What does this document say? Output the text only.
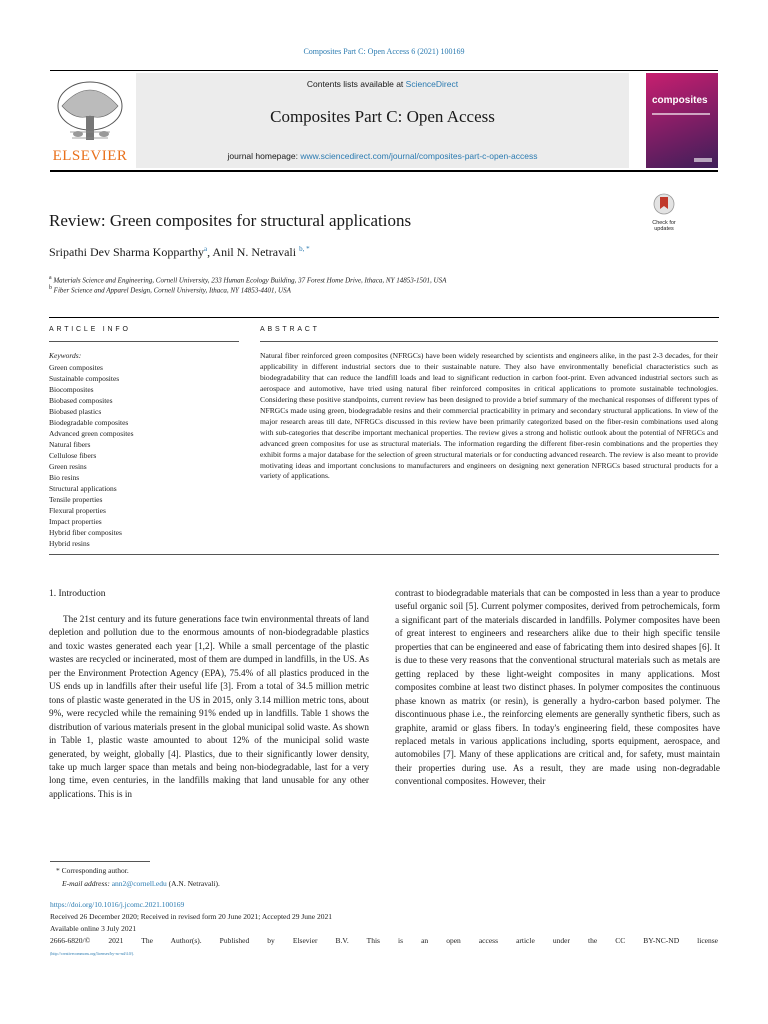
Composites Part C: Open Access 6 (2021) 100169
ELSEVIER
Contents lists available at ScienceDirect
Composites Part C: Open Access
journal homepage: www.sciencedirect.com/journal/composites-part-c-open-access
composites
Check for updates
Review: Green composites for structural applications
Sripathi Dev Sharma Kopparthy$^a$, Anil N. Netravali $^{b, *}$
$^a$ Materials Science and Engineering, Cornell University, 233 Human Ecology Building, 37 Forest Home Drive, Ithaca, NY 14853-1501, USA
$^b$ Fiber Science and Apparel Design, Cornell University, Ithaca, NY 14853-4401, USA
ARTICLE INFO	ABSTRACT
Keywords:
Green composites
Sustainable composites
Biocomposites
Biobased composites
Biobased plastics
Biodegradable composites
Advanced green composites
Natural fibers
Cellulose fibers
Green resins
Bio resins
Structural applications
Tensile properties
Flexural properties
Impact properties
Hybrid fiber composites
Hybrid resins
Natural fiber reinforced green composites (NFRGCs) have been widely researched by scientists and engineers alike, in the past 2-3 decades, for their applicability in different industrial sectors due to their sustainable nature. They also have environmentally beneficial characteristics such as biodegradability that can reduce the landfill loads and lead to significant reduction in carbon foot-print. Even advanced industrial sectors such as aerospace and automotive, have tried using natural fiber reinforced composites in critical applications to promote sustainable technologies. Considering these positive standpoints, current review has been designed to provide a brief summary of the mechanical responses of different types of NFRGCs made using green, biodegradable resins and their commercial practicability in primary and secondary structural applications. In view of the major research areas till date, NFRGCs discussed in this review have been primarily categorized based on the fiber-resin combinations used along with sub-categories that describe important mechanical properties. The review gives a strong and holistic outlook about the potential of NFRGCs and advanced green composites for use as structural materials. The information regarding the different fiber-resin combinations and the properties they exhibit forms a major database for the selection of green structural materials or for conducting advanced research. The review is also meant to provide motivating ideas and important conclusions to manufacturers and engineers on designing next generation NFRGCs based structural products for a variety of applications.
1. Introduction
The 21st century and its future generations face twin environmental threats of land depletion and pollution due to the enormous amounts of non-biodegradable plastics and toxic wastes generated each year [1,2]. While a small percentage of the plastic wastes are recycled or incinerated, most of them are dumped in landfills, in the US. As per the Environment Protection Agency (EPA), 75.4% of all plastics produced in the US ends up in landfills after their useful life [3]. From a total of 34.5 million metric tons of plastic waste generated in the US in 2015, only 3.14 million metric tons, about 9%, were recycled while the remaining 91% ended up in landfills. Table 1 shows the distribution of various materials present in the global municipal solid waste. As shown in Table 1, plastic waste amounted to about 12% of the municipal solid waste generated, by weight, globally [4]. Plastics, due to their significantly lower density, take up much larger space than metals and being non-biodegradable, last for a very long time, even centuries, in the landfills making that land unusable for any other applications. This is in
contrast to biodegradable materials that can be composted in less than a year to produce useful organic soil [5]. Current polymer composites, derived from petrochemicals, form a significant part of the materials discarded in landfills. Polymer composites have been of great interest to engineers and researchers alike due to their high specific tensile properties that can be engineered and ease of fabricating them into desired shapes [6]. It is due to these very reasons that the conventional structural materials such as metals are getting replaced by these light-weight composites in many applications. Most composites combine at least two distinct phases. In polymer composites the continuous phase known as matrix (or resin), is generally a hydro-carbon based polymer. The discontinuous phase i.e., the reinforcing elements are generally synthetic fibers, such as graphite, aramid or glass fibers. In today's engineering field, these composites have replaced metals in various applications including, sports equipment, aerospace, and automobiles [7]. Many of these applications are critical and, for safety, must maintain their properties during use. As a result, they are made using non-degradable conventional composites. However, their
* Corresponding author.
E-mail address: ann2@cornell.edu (A.N. Netravali).
https://doi.org/10.1016/j.jcomc.2021.100169
Received 26 December 2020; Received in revised form 20 June 2021; Accepted 29 June 2021
Available online 3 July 2021
2666-6820/© 2021 The Author(s). Published by Elsevier B.V. This is an open access article under the CC BY-NC-ND license
(http://creativecommons.org/licenses/by-nc-nd/4.0/).
